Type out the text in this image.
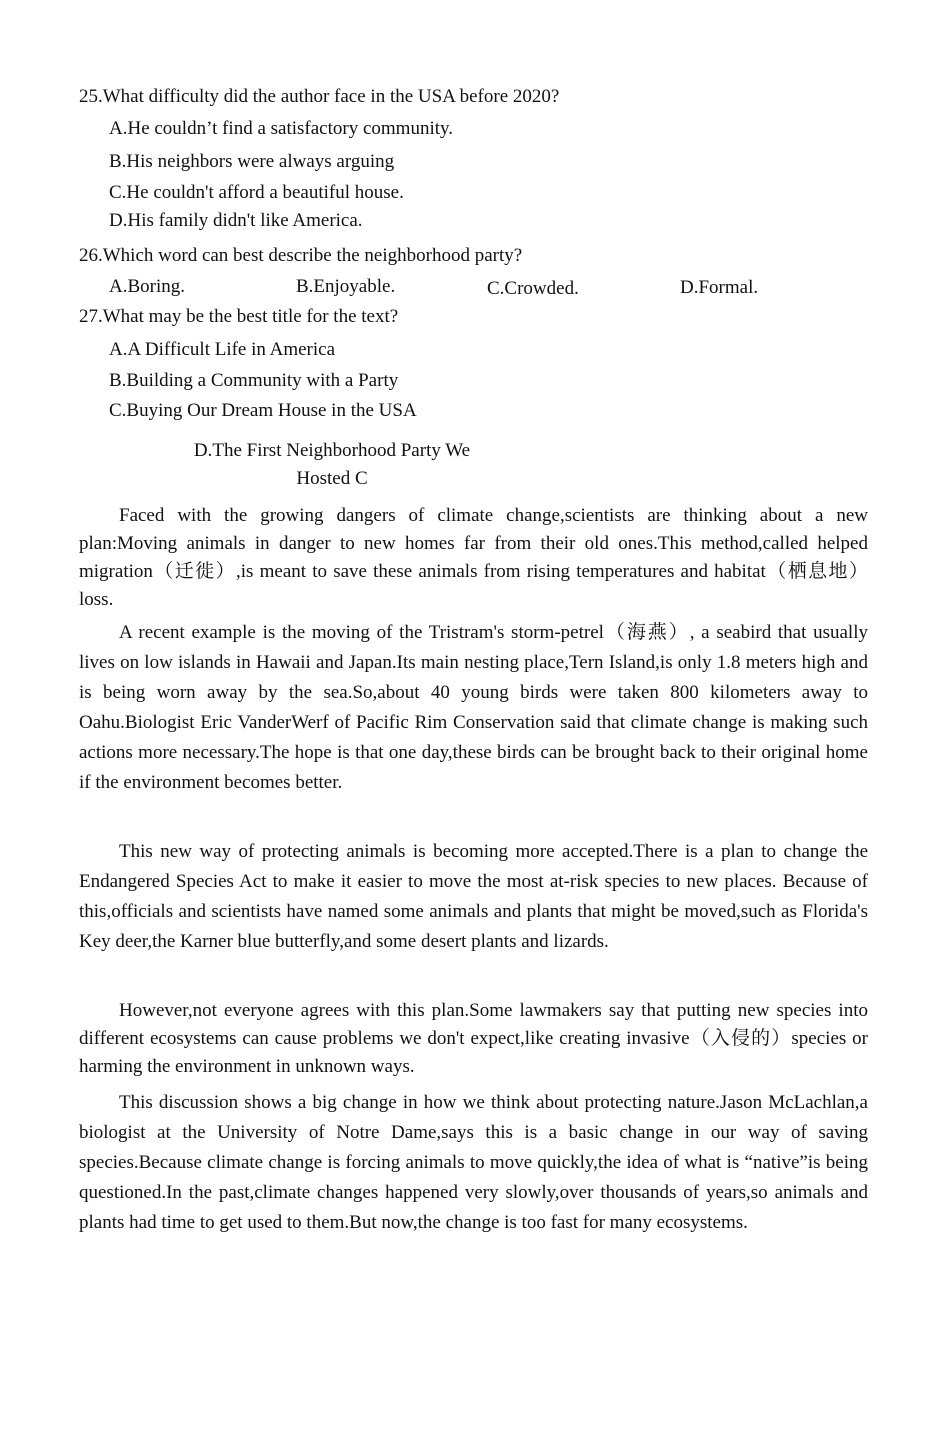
25.What difficulty did the author face in the USA before 2020?
A.He couldn’t find a satisfactory community.
B.His neighbors were always arguing
C.He couldn't afford a beautiful house.
D.His family didn't like America.
26.Which word can best describe the neighborhood party?
A.Boring.	B.Enjoyable.	C.Crowded.	D.Formal.
27.What may be the best title for the text?
A.A Difficult Life in America
B.Building a Community with a Party
C.Buying Our Dream House in the USA
D.The First Neighborhood Party We Hosted C

Faced with the growing dangers of climate change,scientists are thinking about a new plan:Moving animals in danger to new homes far from their old ones.This method,called helped migration（迁徙）,is meant to save these animals from rising temperatures and habitat（栖息地）loss.

A recent example is the moving of the Tristram's storm-petrel（海燕）, a seabird that usually lives on low islands in Hawaii and Japan.Its main nesting place,Tern Island,is only 1.8 meters high and is being worn away by the sea.So,about 40 young birds were taken 800 kilometers away to Oahu.Biologist Eric VanderWerf of Pacific Rim Conservation said that climate change is making such actions more necessary.The hope is that one day,these birds can be brought back to their original home if the environment becomes better.

This new way of protecting animals is becoming more accepted.There is a plan to change the Endangered Species Act to make it easier to move the most at-risk species to new places. Because of this,officials and scientists have named some animals and plants that might be moved,such as Florida's Key deer,the Karner blue butterfly,and some desert plants and lizards.

However,not everyone agrees with this plan.Some lawmakers say that putting new species into different ecosystems can cause problems we don't expect,like creating invasive（入侵的）species or harming the environment in unknown ways.

This discussion shows a big change in how we think about protecting nature.Jason McLachlan,a biologist at the University of Notre Dame,says this is a basic change in our way of saving species.Because climate change is forcing animals to move quickly,the idea of what is “native”is being questioned.In the past,climate changes happened very slowly,over thousands of years,so animals and plants had time to get used to them.But now,the change is too fast for many ecosystems.
